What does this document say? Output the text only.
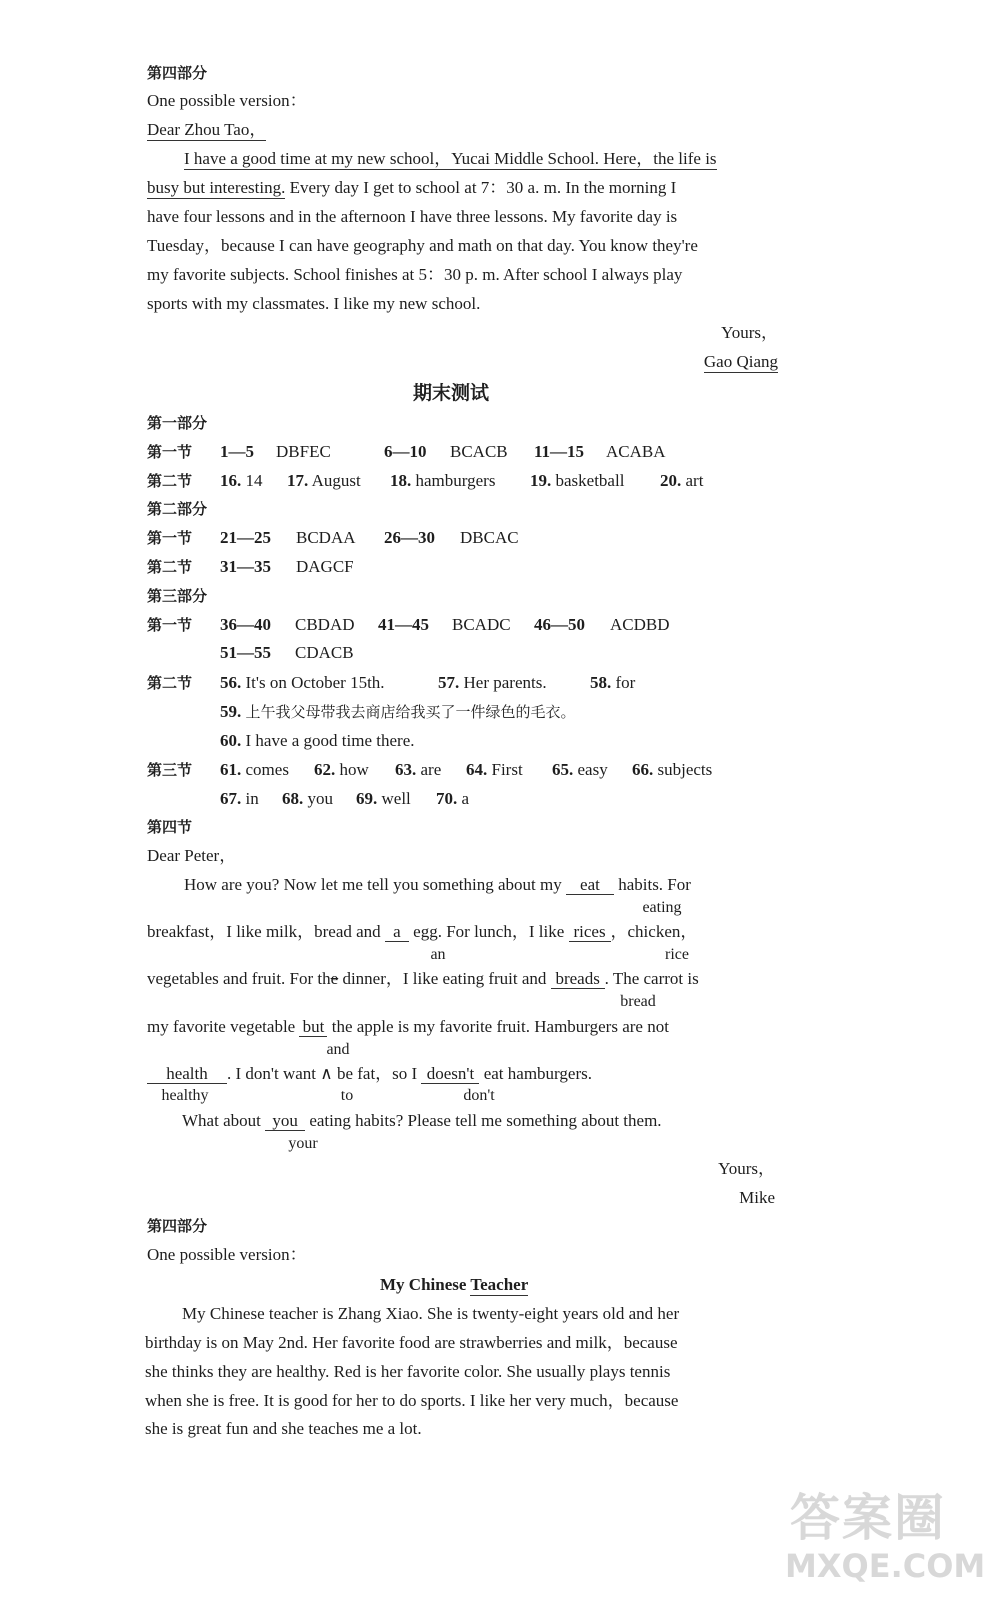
第四部分
One possible version：
Dear Zhou Tao，
I have a good time at my new school，Yucai Middle School. Here，the life is
busy but interesting. Every day I get to school at 7：30 a. m. In the morning I
have four lessons and in the afternoon I have three lessons. My favorite day is
Tuesday，because I can have geography and math on that day. You know they're
my favorite subjects. School finishes at 5：30 p. m. After school I always play
sports with my classmates. I like my new school.
Yours，
Gao Qiang
期末测试
第一部分
第一节 1—5 DBFEC	6—10 BCACB 11—15 ACABA
第二节 16. 14 17. August 18. hamburgers 19. basketball 20. art
第二部分
第一节 21—25 BCDAA 26—30 DBCAC
第二节 31—35 DAGCF
第三部分
第一节 36—40 CBDAD 41—45 BCADC 46—50 ACDBD
51—55 CDACB
第二节 56. It's on October 15th.	57. Her parents.	58. for
59. 上午我父母带我去商店给我买了一件绿色的毛衣。
60. I have a good time there.
第三节 61. comes 62. how 63. are 64. First 65. easy 66. subjects
67. in 68. you 69. well 70. a
第四节
Dear Peter，
How are you? Now let me tell you something about my eat habits. For
eating
breakfast，I like milk，bread and a egg. For lunch，I like rices ，chicken，
an	rice
vegetables and fruit. For the dinner，I like eating fruit and breads . The carrot is
bread
my favorite vegetable but the apple is my favorite fruit. Hamburgers are not
and
health . I don't want ∧ be fat，so I doesn't eat hamburgers.
healthy	to	don't
What about you eating habits? Please tell me something about them.
your
Yours，
Mike
第四部分
One possible version：
My Chinese Teacher
My Chinese teacher is Zhang Xiao. She is twenty-eight years old and her
birthday is on May 2nd. Her favorite food are strawberries and milk，because
she thinks they are healthy. Red is her favorite color. She usually plays tennis
when she is free. It is good for her to do sports. I like her very much，because
she is great fun and she teaches me a lot.
答案圈
MXQE.COM
